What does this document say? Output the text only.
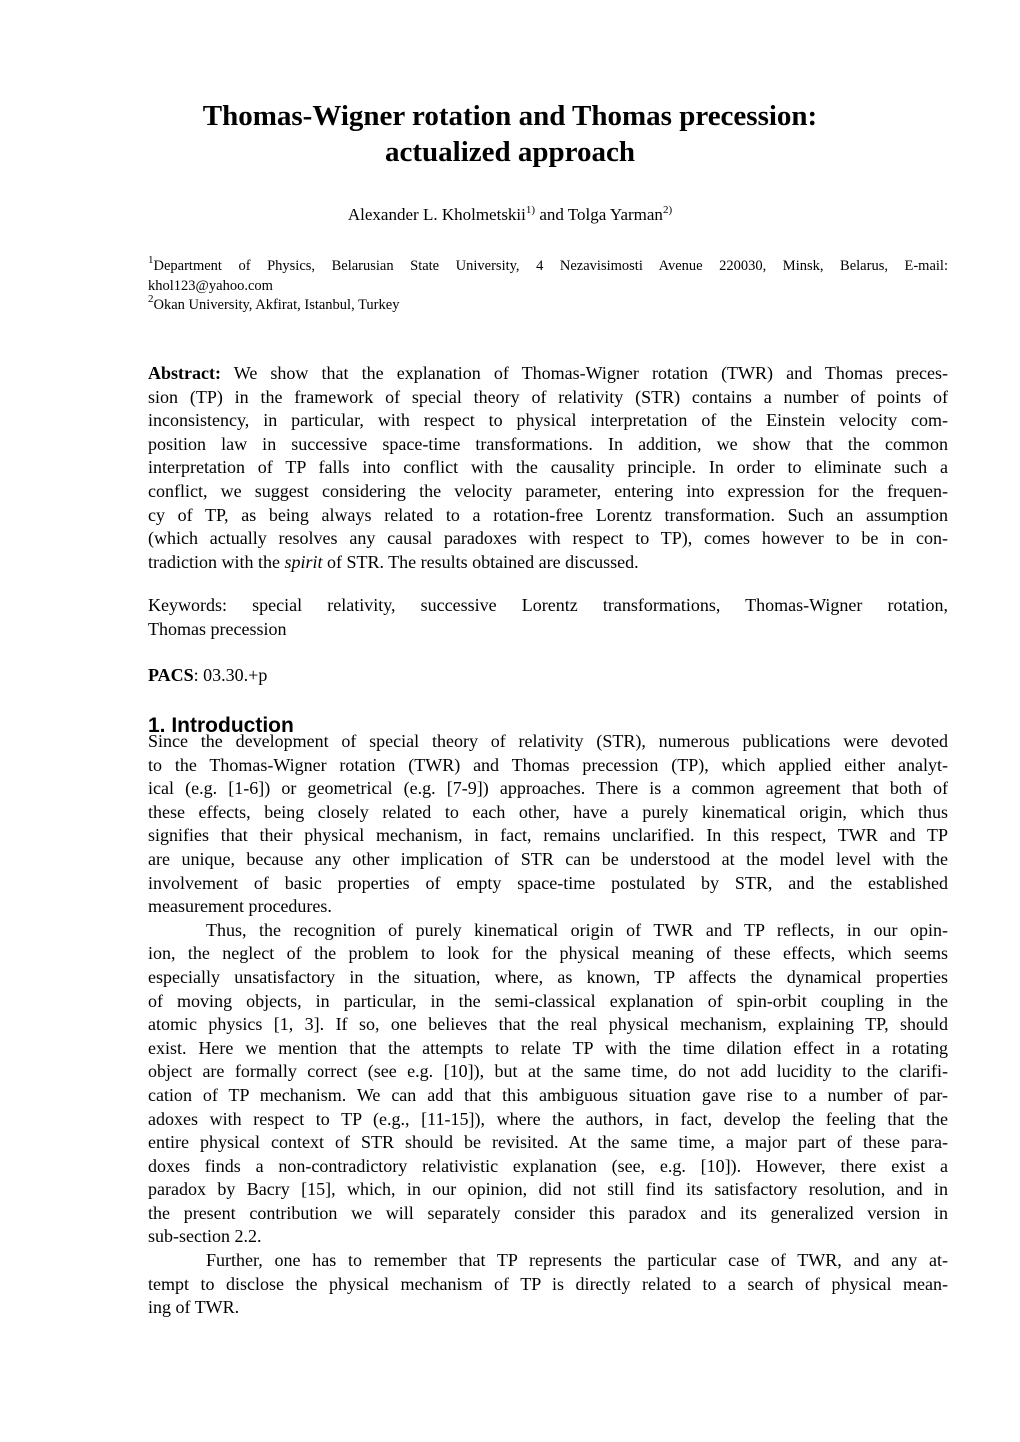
Thomas-Wigner rotation and Thomas precession:
actualized approach
Alexander L. Kholmetskii$^{1)}$ and Tolga Yarman$^{2)}$
$^1$Department of Physics, Belarusian State University, 4 Nezavisimosti Avenue 220030, Minsk, Belarus, E-mail:
khol123@yahoo.com
$^2$Okan University, Akfirat, Istanbul, Turkey
Abstract: We show that the explanation of Thomas-Wigner rotation (TWR) and Thomas preces-
sion (TP) in the framework of special theory of relativity (STR) contains a number of points of
inconsistency, in particular, with respect to physical interpretation of the Einstein velocity com-
position law in successive space-time transformations. In addition, we show that the common
interpretation of TP falls into conflict with the causality principle. In order to eliminate such a
conflict, we suggest considering the velocity parameter, entering into expression for the frequen-
cy of TP, as being always related to a rotation-free Lorentz transformation. Such an assumption
(which actually resolves any causal paradoxes with respect to TP), comes however to be in con-
tradiction with the spirit of STR. The results obtained are discussed.
Keywords: special relativity, successive Lorentz transformations, Thomas-Wigner rotation,
Thomas precession
PACS: 03.30.+p
1. Introduction
Since the development of special theory of relativity (STR), numerous publications were devoted
to the Thomas-Wigner rotation (TWR) and Thomas precession (TP), which applied either analyt-
ical (e.g. [1-6]) or geometrical (e.g. [7-9]) approaches. There is a common agreement that both of
these effects, being closely related to each other, have a purely kinematical origin, which thus
signifies that their physical mechanism, in fact, remains unclarified. In this respect, TWR and TP
are unique, because any other implication of STR can be understood at the model level with the
involvement of basic properties of empty space-time postulated by STR, and the established
measurement procedures.
Thus, the recognition of purely kinematical origin of TWR and TP reflects, in our opin-
ion, the neglect of the problem to look for the physical meaning of these effects, which seems
especially unsatisfactory in the situation, where, as known, TP affects the dynamical properties
of moving objects, in particular, in the semi-classical explanation of spin-orbit coupling in the
atomic physics [1, 3]. If so, one believes that the real physical mechanism, explaining TP, should
exist. Here we mention that the attempts to relate TP with the time dilation effect in a rotating
object are formally correct (see e.g. [10]), but at the same time, do not add lucidity to the clarifi-
cation of TP mechanism. We can add that this ambiguous situation gave rise to a number of par-
adoxes with respect to TP (e.g., [11-15]), where the authors, in fact, develop the feeling that the
entire physical context of STR should be revisited. At the same time, a major part of these para-
doxes finds a non-contradictory relativistic explanation (see, e.g. [10]). However, there exist a
paradox by Bacry [15], which, in our opinion, did not still find its satisfactory resolution, and in
the present contribution we will separately consider this paradox and its generalized version in
sub-section 2.2.
Further, one has to remember that TP represents the particular case of TWR, and any at-
tempt to disclose the physical mechanism of TP is directly related to a search of physical mean-
ing of TWR.
